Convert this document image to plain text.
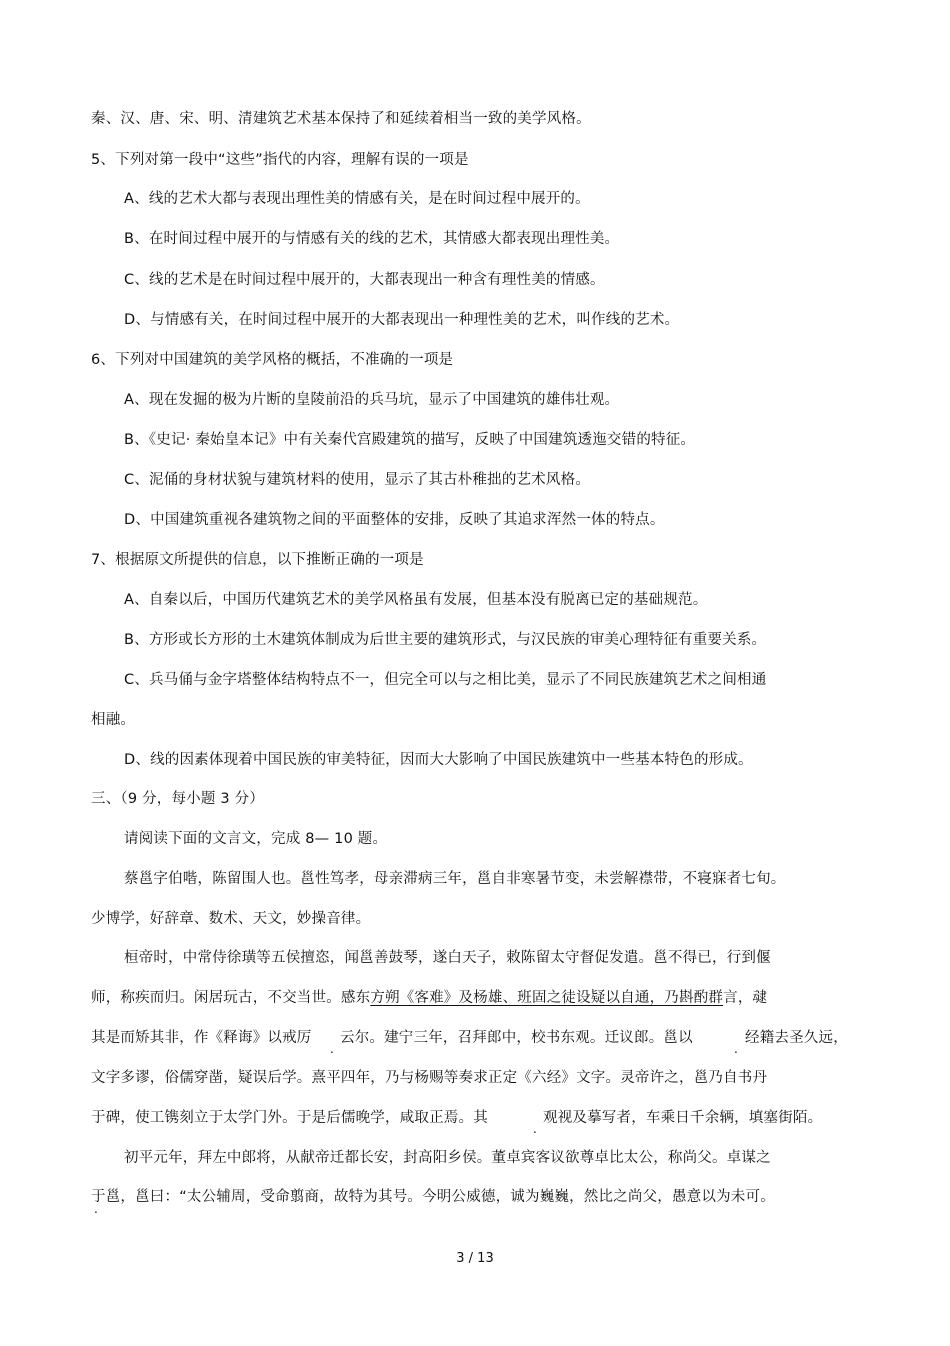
秦、汉、唐、宋、明、清建筑艺术基本保持了和延续着相当一致的美学风格。
5、下列对第一段中“这些”指代的内容，理解有误的一项是
A、线的艺术大都与表现出理性美的情感有关，是在时间过程中展开的。
B、在时间过程中展开的与情感有关的线的艺术，其情感大都表现出理性美。
C、线的艺术是在时间过程中展开的，大都表现出一种含有理性美的情感。
D、与情感有关，在时间过程中展开的大都表现出一种理性美的艺术，叫作线的艺术。
6、下列对中国建筑的美学风格的概括，不准确的一项是
A、现在发掘的极为片断的皇陵前沿的兵马坑，显示了中国建筑的雄伟壮观。
B、《史记· 秦始皇本记》中有关秦代宫殿建筑的描写，反映了中国建筑透迤交错的特征。
C、泥俑的身材状貌与建筑材料的使用，显示了其古朴稚拙的艺术风格。
D、中国建筑重视各建筑物之间的平面整体的安排，反映了其追求浑然一体的特点。
7、根据原文所提供的信息，以下推断正确的一项是
A、自秦以后，中国历代建筑艺术的美学风格虽有发展，但基本没有脱离已定的基础规范。
B、方形或长方形的土木建筑体制成为后世主要的建筑形式，与汉民族的审美心理特征有重要关系。
C、兵马俑与金字塔整体结构特点不一，但完全可以与之相比美，显示了不同民族建筑艺术之间相通
相融。
D、线的因素体现着中国民族的审美特征，因而大大影响了中国民族建筑中一些基本特色的形成。
三、（9 分，每小题 3 分）
请阅读下面的文言文，完成 8— 10 题。
蔡邕字伯喈，陈留围人也。邕性笃孝，母亲滞病三年，邕自非寒暑节变，未尝解襟带，不寝寐者七旬。
少博学，好辞章、数术、天文，妙操音律。
桓帝时，中常侍徐璜等五侯擅恣，闻邕善鼓琴，遂白天子，敕陈留太守督促发遣。邕不得已，行到偃
师，称疾而归。闲居玩古，不交当世。感东方朔《客难》及杨雄、班固之徒设疑以自通，乃斟酌群言，叇
其是而矫其非，作《释诲》以戒厉 云尔。建宁三年，召拜郎中，校书东观。迁议郎。邕以	经籍去圣久远，
.	.
文字多谬，俗儒穿凿，疑误后学。熹平四年，乃与杨赐等奏求正定《六经》文字。灵帝许之，邕乃自书丹
于碑，使工镌刻立于太学门外。于是后儒晚学，咸取正焉。其	观视及摹写者，车乘日千余辆，填塞街陌。
.
初平元年，拜左中郎将，从献帝迁都长安，封高阳乡侯。董卓宾客议欲尊卓比太公，称尚父。卓谋之
于邕，邕曰：“太公辅周，受命翦商，故特为其号。今明公威德，诚为巍巍，然比之尚父，愚意以为未可。
.
3 / 13
